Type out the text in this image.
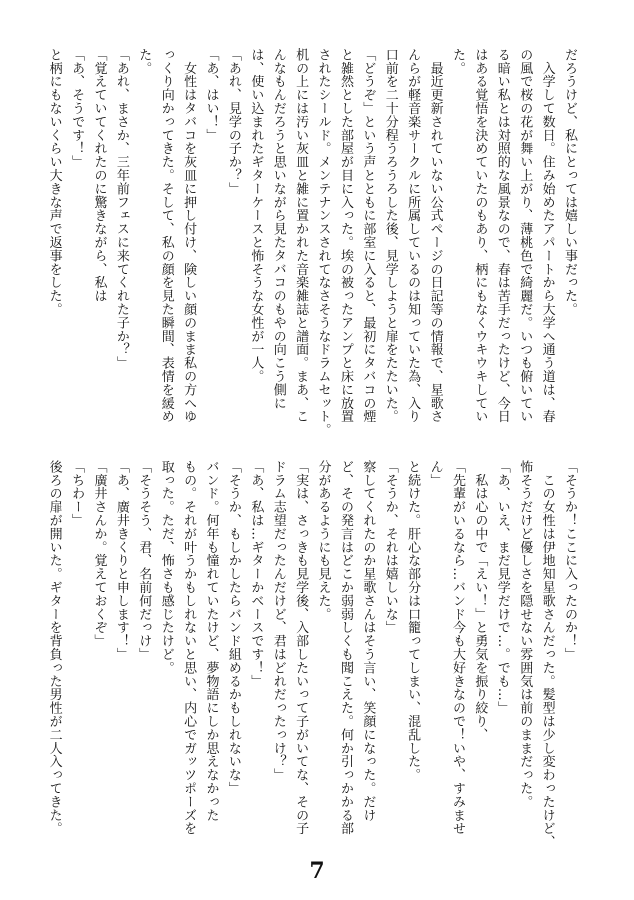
だろうけど、私にとっては嬉しい事だった。
　入学して数日。住み始めたアパートから大学へ通う道は、春
の風で桜の花が舞い上がり、薄桃色で綺麗だ。いつも俯いてい
る暗い私とは対照的な風景なので、春は苦手だったけど、今日
はある覚悟を決めていたのもあり、柄にもなくウキウキしてい
た。
　最近更新されていない公式ページの日記等の情報で、星歌さ
んらが軽音楽サークルに所属しているのは知っていた為、入り
口前を二十分程うろうろした後、見学しようと扉をたたいた。
「どうぞ」という声とともに部室に入ると、最初にタバコの煙
と雑然とした部屋が目に入った。埃の被ったアンプと床に放置
されたシールド。メンテナンスされてなさそうなドラムセット。
机の上には汚い灰皿と雑に置かれた音楽雑誌と譜面。まあ、こ
んなもんだろうと思いながら見たタバコのもやの向こう側に
は、使い込まれたギターケースと怖そうな女性が一人。
「あれ、見学の子か？」
「あ、はい！」
　女性はタバコを灰皿に押し付け、険しい顔のまま私の方へゆ
っくり向かってきた。そして、私の顔を見た瞬間、表情を緩め
た。
「あれ、まさか、三年前フェスに来てくれた子か？」
「覚えていてくれたのに驚きながら、私は
「あ、そうです！」
と柄にもないくらい大きな声で返事をした。
「そうか！ここに入ったのか！」
　この女性は伊地知星歌さんだった。髪型は少し変わったけど、
怖そうだけど優しさを隠せない雰囲気は前のままだった。
「あ、いえ、まだ見学だけで…。でも…」
　私は心の中で「えい！」と勇気を振り絞り、
「先輩がいるなら…バンド今も大好きなので！いや、すみませ
ん」
と続けた。肝心な部分は口籠ってしまい、混乱した。
「そうか、それは嬉しいな」
察してくれたのか星歌さんはそう言い、笑顔になった。だけ
ど、その発言はどこか弱弱しくも聞こえた。何か引っかかる部
分があるようにも見えた。
「実は、さっきも見学後、入部したいって子がいてな、その子
ドラム志望だったんだけど、君はどれだったっけ？」
「あ、私は…ギターかベースです！」
「そうか、もしかしたらバンド組めるかもしれないな」
バンド。何年も憧れていたけど、夢物語にしか思えなかった
もの。それが叶うかもしれないと思い、内心でガッツポーズを
取った。ただ、怖さも感じたけど。
「そうそう、君、名前何だっけ」
「あ、廣井きくりと申します！」
「廣井さんか。覚えておくぞ」
「ちわー」
後ろの扉が開いた。ギターを背負った男性が二人入ってきた。
7
